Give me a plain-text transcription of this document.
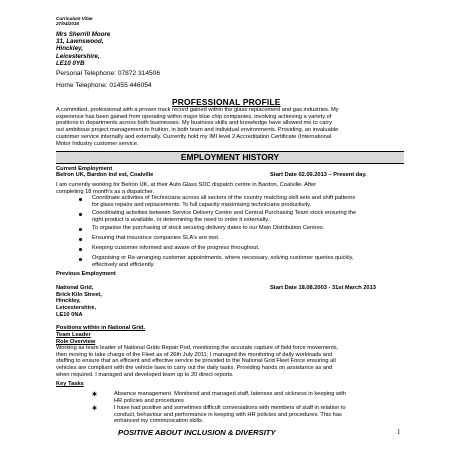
Curriculum Vitae
27/04/2016
Mrs Sherrill Moore
31, Lawnswood,
Hinckley,
Leicestershire,
LE10 0YB
Personal Telephone: 07872 314506
Home Telephone: 01455 446054
PROFESSIONAL PROFILE
A committed, professional with a proven track record gained within the glass replacement and gas industries. My
experience has been gained from operating within major blue chip companies, involving achieving a variety of
positions in departments across both businesses. My business skills and knowledge have allowed me to carry
out ambitious project management to fruition, in both team and individual environments. Providing, an invaluable
customer service internally and externally. Currently hold my IMI level 2 Accreditation Certificate (International
Motor Industry customer service.
EMPLOYMENT HISTORY
Current Employment
Belron UK, Bardon Ind est, Coalville	Start Date 02.09.2013 – Present day.
I am currently working for Belron UK, at their Auto Glass SDC dispatch centre in Bardon, Coalville. After
completing 18 month's as a dispatcher.
Coordinate activities of Technicians across all sectors of the country matching skill sets and shift patterns
for glass repairs and replacements. To full capacity maximising technicians productivity.
Coordinating activities between Service Delivery Centre and Central Purchasing Team stock ensuring the
right product is available, or determining the need to order it externally..
To organise the purchasing of stock securing delivery dates to our Main Distribution Centres.
Ensuring that insurance companies SLA's are met.
Keeping customer informed and aware of the progress throughout.
Organising or Re-arranging customer appointments, where necessary, solving customer queries quickly,
effectively and efficiently.
Previous Employment
National Grid,
Brick Kiln Street,
Hinckley,
Leicestershire,
LE10 0NA
Start Date 18.08.2003 - 31st March 2013
Positions within in National Grid.
Team Leader
Role Overview
Working as team leader of National Grids Repair Pod, monitoring the accurate capture of field force movements,
then moving to take charge of the Fleet as of 26th July 2011; I managed the monitoring of daily workloads and
staffing to ensure that an efficient and effective service be provided to the National Grid Fleet Force ensuring all
vehicles are compliant with the vehicle laws to carry out the daily tasks. Providing hands on assistance as and
when required. I managed and developed team up to 20 direct reports.
Key Tasks
✱	Absence management. Monitored and managed staff, lateness and sickness in keeping with
HR policies and procedures
✱	I have had positive and sometimes difficult conversations with members of staff in relation to
conduct, behaviour and performance in keeping with HR policies and procedures. This has
enhanced my communication skills.
POSITIVE ABOUT INCLUSION & DIVERSITY	1
